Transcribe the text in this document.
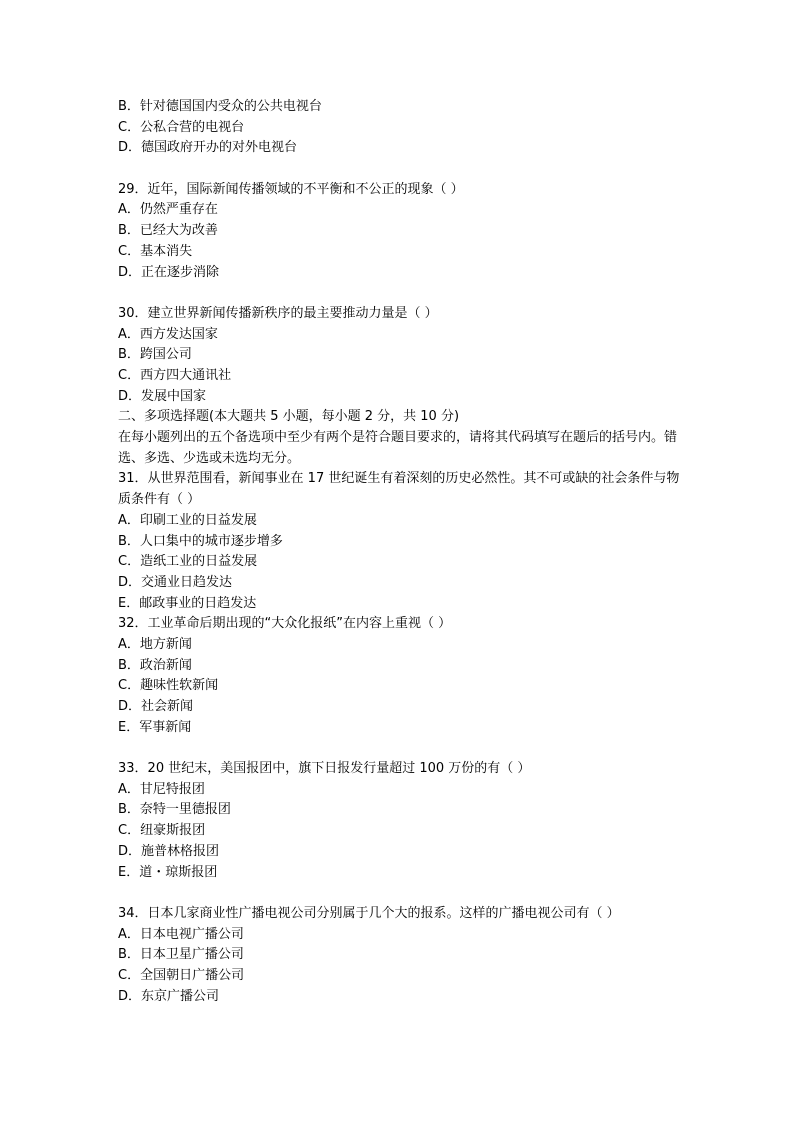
B．针对德国国内受众的公共电视台
C．公私合营的电视台
D．德国政府开办的对外电视台
29．近年，国际新闻传播领域的不平衡和不公正的现象（ ）
A．仍然严重存在
B．已经大为改善
C．基本消失
D．正在逐步消除
30．建立世界新闻传播新秩序的最主要推动力量是（ ）
A．西方发达国家
B．跨国公司
C．西方四大通讯社
D．发展中国家
二、多项选择题(本大题共 5 小题，每小题 2 分，共 10 分)
在每小题列出的五个备选项中至少有两个是符合题目要求的，请将其代码填写在题后的括号内。错选、多选、少选或未选均无分。
31．从世界范围看，新闻事业在 17 世纪诞生有着深刻的历史必然性。其不可或缺的社会条件与物质条件有（ ）
A．印刷工业的日益发展
B．人口集中的城市逐步增多
C．造纸工业的日益发展
D．交通业日趋发达
E．邮政事业的日趋发达
32．工业革命后期出现的“大众化报纸”在内容上重视（ ）
A．地方新闻
B．政治新闻
C．趣味性软新闻
D．社会新闻
E．军事新闻
33．20 世纪末，美国报团中，旗下日报发行量超过 100 万份的有（ ）
A．甘尼特报团
B．奈特一里德报团
C．纽豪斯报团
D．施普林格报团
E．道・琼斯报团
34．日本几家商业性广播电视公司分别属于几个大的报系。这样的广播电视公司有（ ）
A．日本电视广播公司
B．日本卫星广播公司
C．全国朝日广播公司
D．东京广播公司
